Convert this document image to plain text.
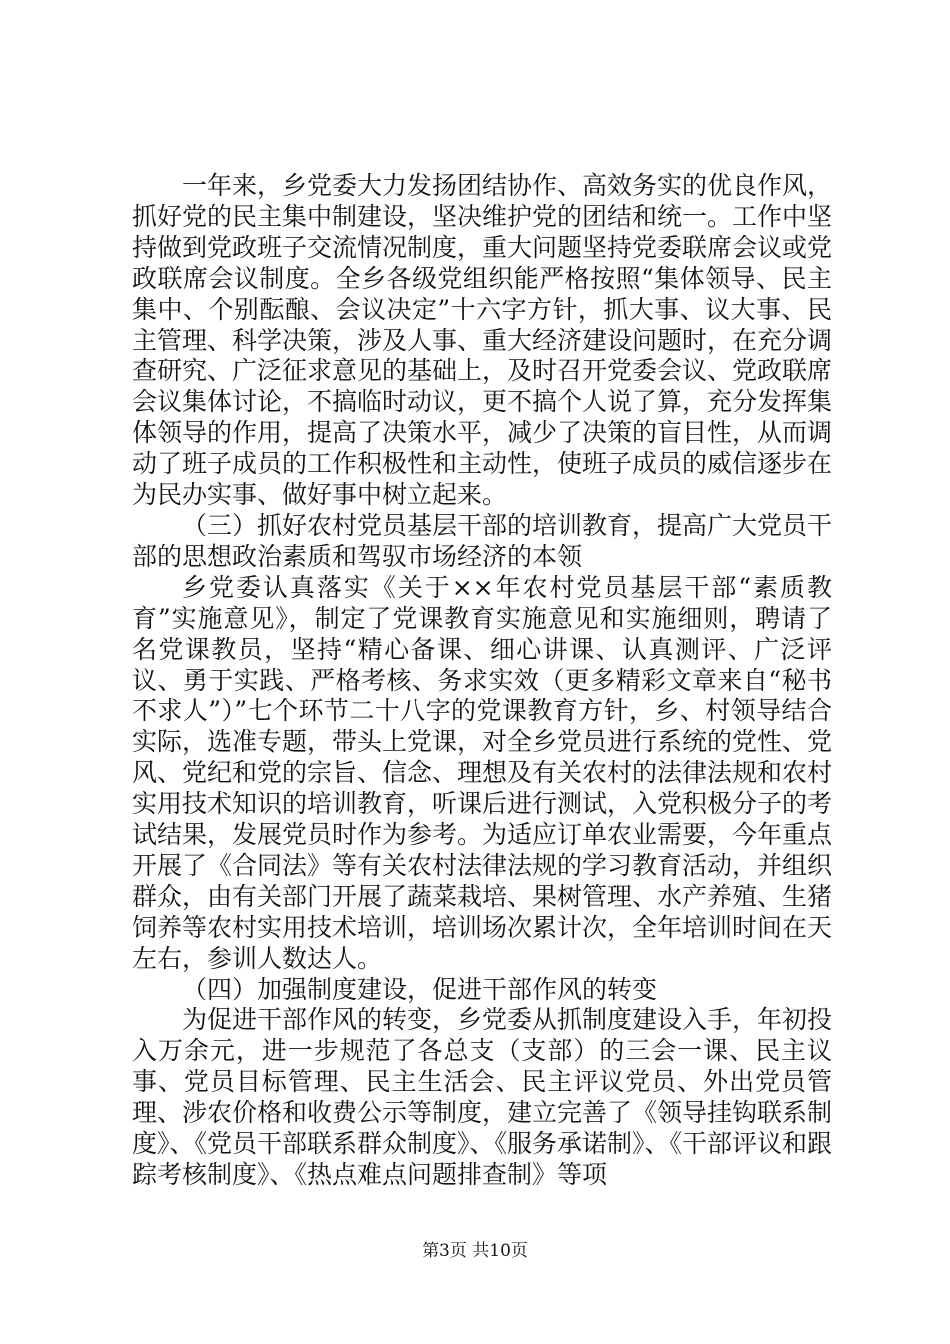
一年来，乡党委大力发扬团结协作、高效务实的优良作风，抓好党的民主集中制建设，坚决维护党的团结和统一。工作中坚持做到党政班子交流情况制度，重大问题坚持党委联席会议或党政联席会议制度。全乡各级党组织能严格按照“集体领导、民主集中、个别酝酿、会议决定”十六字方针，抓大事、议大事、民主管理、科学决策，涉及人事、重大经济建设问题时，在充分调查研究、广泛征求意见的基础上，及时召开党委会议、党政联席会议集体讨论，不搞临时动议，更不搞个人说了算，充分发挥集体领导的作用，提高了决策水平，减少了决策的盲目性，从而调动了班子成员的工作积极性和主动性，使班子成员的威信逐步在为民办实事、做好事中树立起来。

（三）抓好农村党员基层干部的培训教育，提高广大党员干部的思想政治素质和驾驭市场经济的本领

乡党委认真落实《关于××年农村党员基层干部“素质教育”实施意见》，制定了党课教育实施意见和实施细则，聘请了名党课教员，坚持“精心备课、细心讲课、认真测评、广泛评议、勇于实践、严格考核、务求实效（更多精彩文章来自“秘书不求人”）”七个环节二十八字的党课教育方针，乡、村领导结合实际，选准专题，带头上党课，对全乡党员进行系统的党性、党风、党纪和党的宗旨、信念、理想及有关农村的法律法规和农村实用技术知识的培训教育，听课后进行测试，入党积极分子的考试结果，发展党员时作为参考。为适应订单农业需要，今年重点开展了《合同法》等有关农村法律法规的学习教育活动，并组织群众，由有关部门开展了蔬菜栽培、果树管理、水产养殖、生猪饲养等农村实用技术培训，培训场次累计次，全年培训时间在天左右，参训人数达人。

（四）加强制度建设，促进干部作风的转变

为促进干部作风的转变，乡党委从抓制度建设入手，年初投入万余元，进一步规范了各总支（支部）的三会一课、民主议事、党员目标管理、民主生活会、民主评议党员、外出党员管理、涉农价格和收费公示等制度，建立完善了《领导挂钩联系制度》、《党员干部联系群众制度》、《服务承诺制》、《干部评议和跟踪考核制度》、《热点难点问题排查制》等项

第3页 共10页
